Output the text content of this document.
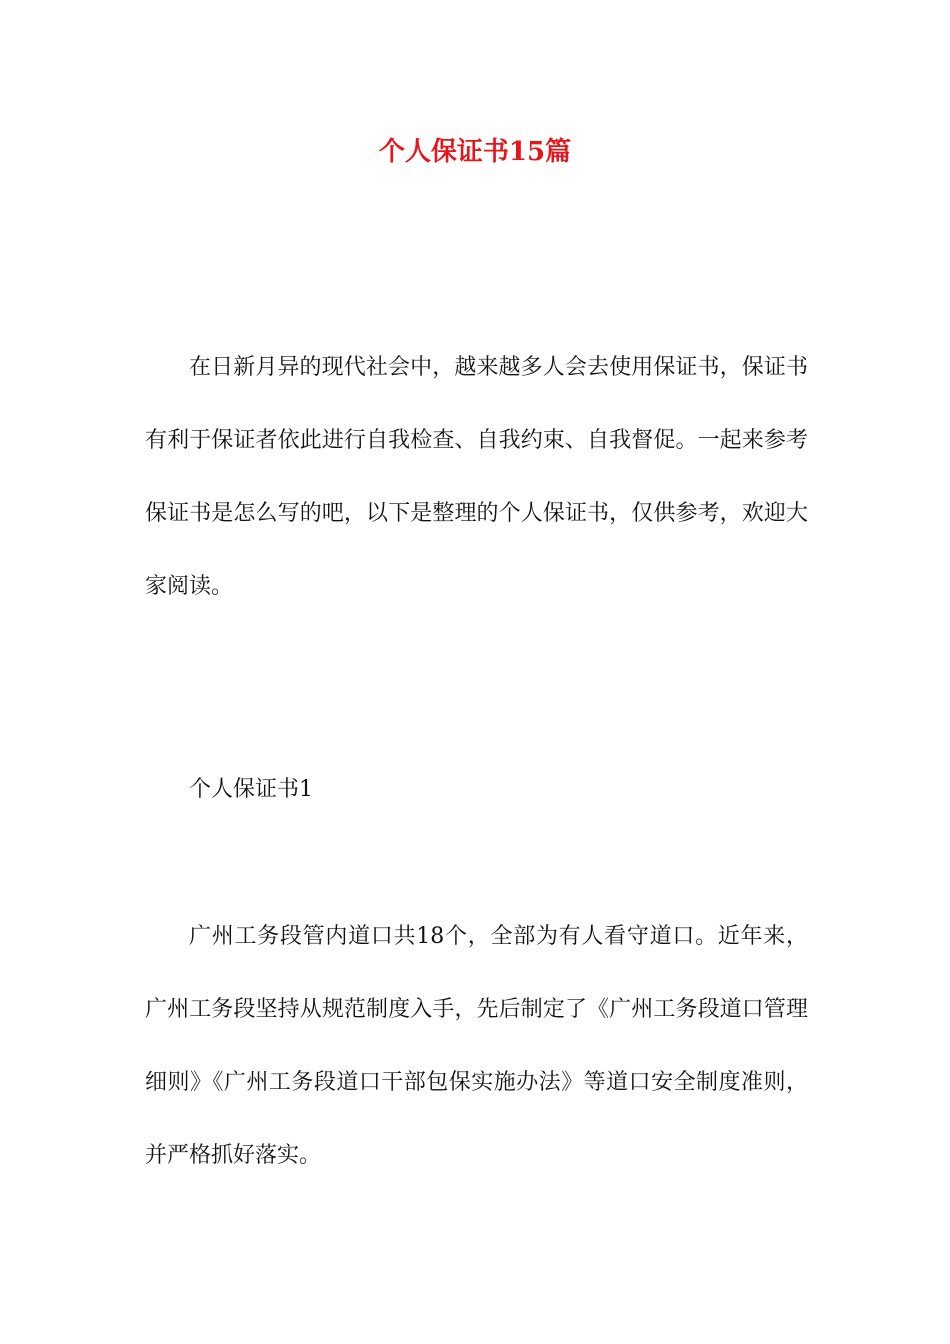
个人保证书15篇

在日新月异的现代社会中，越来越多人会去使用保证书，保证书有利于保证者依此进行自我检查、自我约束、自我督促。一起来参考保证书是怎么写的吧，以下是整理的个人保证书，仅供参考，欢迎大家阅读。

个人保证书1

广州工务段管内道口共18个，全部为有人看守道口。近年来，广州工务段坚持从规范制度入手，先后制定了《广州工务段道口管理细则》《广州工务段道口干部包保实施办法》等道口安全制度准则，并严格抓好落实。
